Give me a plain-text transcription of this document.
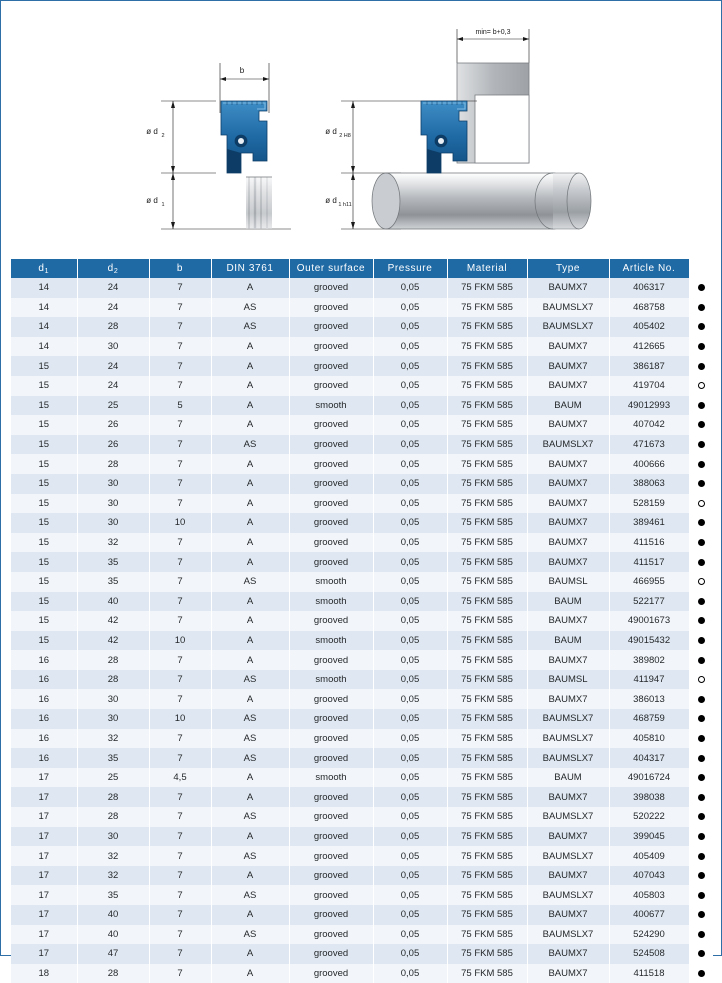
b
ø d 2
ø d 1
min= b+0,3
ø d 2 H8
ø d 1 h11
$d_1$	$d_2$	b	DIN 3761	Outer surface	Pressure	Material	Type	Article No.	
14	24	7	A	grooved	0,05	75 FKM 585	BAUMX7	406317	
14	24	7	AS	grooved	0,05	75 FKM 585	BAUMSLX7	468758	
14	28	7	AS	grooved	0,05	75 FKM 585	BAUMSLX7	405402	
14	30	7	A	grooved	0,05	75 FKM 585	BAUMX7	412665	
15	24	7	A	grooved	0,05	75 FKM 585	BAUMX7	386187	
15	24	7	A	grooved	0,05	75 FKM 585	BAUMX7	419704	
15	25	5	A	smooth	0,05	75 FKM 585	BAUM	49012993	
15	26	7	A	grooved	0,05	75 FKM 585	BAUMX7	407042	
15	26	7	AS	grooved	0,05	75 FKM 585	BAUMSLX7	471673	
15	28	7	A	grooved	0,05	75 FKM 585	BAUMX7	400666	
15	30	7	A	grooved	0,05	75 FKM 585	BAUMX7	388063	
15	30	7	A	grooved	0,05	75 FKM 585	BAUMX7	528159	
15	30	10	A	grooved	0,05	75 FKM 585	BAUMX7	389461	
15	32	7	A	grooved	0,05	75 FKM 585	BAUMX7	411516	
15	35	7	A	grooved	0,05	75 FKM 585	BAUMX7	411517	
15	35	7	AS	smooth	0,05	75 FKM 585	BAUMSL	466955	
15	40	7	A	smooth	0,05	75 FKM 585	BAUM	522177	
15	42	7	A	grooved	0,05	75 FKM 585	BAUMX7	49001673	
15	42	10	A	smooth	0,05	75 FKM 585	BAUM	49015432	
16	28	7	A	grooved	0,05	75 FKM 585	BAUMX7	389802	
16	28	7	AS	smooth	0,05	75 FKM 585	BAUMSL	411947	
16	30	7	A	grooved	0,05	75 FKM 585	BAUMX7	386013	
16	30	10	AS	grooved	0,05	75 FKM 585	BAUMSLX7	468759	
16	32	7	AS	grooved	0,05	75 FKM 585	BAUMSLX7	405810	
16	35	7	AS	grooved	0,05	75 FKM 585	BAUMSLX7	404317	
17	25	4,5	A	smooth	0,05	75 FKM 585	BAUM	49016724	
17	28	7	A	grooved	0,05	75 FKM 585	BAUMX7	398038	
17	28	7	AS	grooved	0,05	75 FKM 585	BAUMSLX7	520222	
17	30	7	A	grooved	0,05	75 FKM 585	BAUMX7	399045	
17	32	7	AS	grooved	0,05	75 FKM 585	BAUMSLX7	405409	
17	32	7	A	grooved	0,05	75 FKM 585	BAUMX7	407043	
17	35	7	AS	grooved	0,05	75 FKM 585	BAUMSLX7	405803	
17	40	7	A	grooved	0,05	75 FKM 585	BAUMX7	400677	
17	40	7	AS	grooved	0,05	75 FKM 585	BAUMSLX7	524290	
17	47	7	A	grooved	0,05	75 FKM 585	BAUMX7	524508	
18	28	7	A	grooved	0,05	75 FKM 585	BAUMX7	411518	
